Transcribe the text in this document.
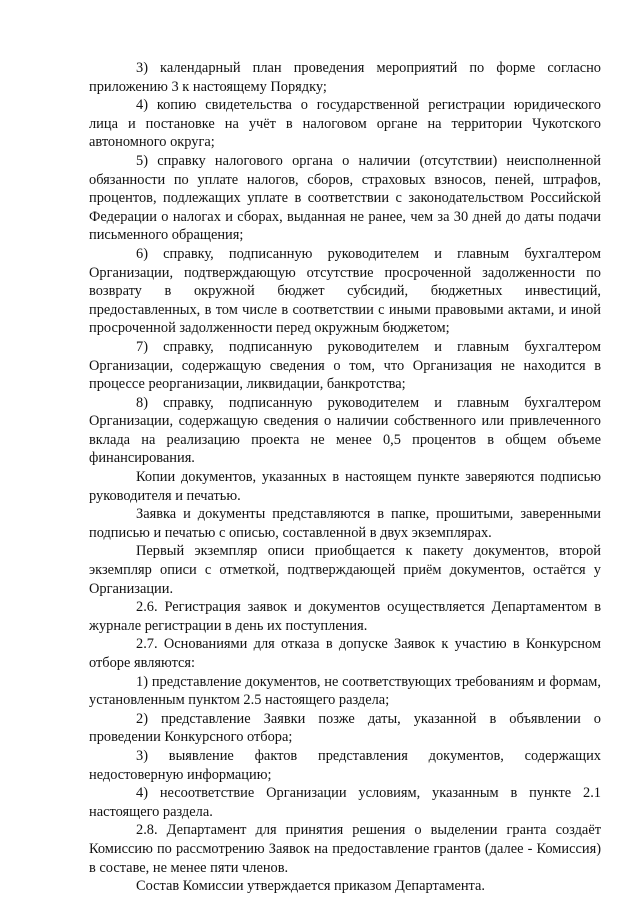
3) календарный план проведения мероприятий по форме согласно приложению 3 к настоящему Порядку;

4) копию свидетельства о государственной регистрации юридического лица и постановке на учёт в налоговом органе на территории Чукотского автономного округа;

5) справку налогового органа о наличии (отсутствии) неисполненной обязанности по уплате налогов, сборов, страховых взносов, пеней, штрафов, процентов, подлежащих уплате в соответствии с законодательством Российской Федерации о налогах и сборах, выданная не ранее, чем за 30 дней до даты подачи письменного обращения;

6) справку, подписанную руководителем и главным бухгалтером Организации, подтверждающую отсутствие просроченной задолженности по возврату в окружной бюджет субсидий, бюджетных инвестиций, предоставленных, в том числе в соответствии с иными правовыми актами, и иной просроченной задолженности перед окружным бюджетом;

7) справку, подписанную руководителем и главным бухгалтером Организации, содержащую сведения о том, что Организация не находится в процессе реорганизации, ликвидации, банкротства;

8) справку, подписанную руководителем и главным бухгалтером Организации, содержащую сведения о наличии собственного или привлеченного вклада на реализацию проекта не менее 0,5 процентов в общем объеме финансирования.

Копии документов, указанных в настоящем пункте заверяются подписью руководителя и печатью.

Заявка и документы представляются в папке, прошитыми, заверенными подписью и печатью с описью, составленной в двух экземплярах.

Первый экземпляр описи приобщается к пакету документов, второй экземпляр описи с отметкой, подтверждающей приём документов, остаётся у Организации.

2.6. Регистрация заявок и документов осуществляется Департаментом в журнале регистрации в день их поступления.

2.7. Основаниями для отказа в допуске Заявок к участию в Конкурсном отборе являются:

1) представление документов, не соответствующих требованиям и формам, установленным пунктом 2.5 настоящего раздела;

2) представление Заявки позже даты, указанной в объявлении о проведении Конкурсного отбора;

3) выявление фактов представления документов, содержащих недостоверную информацию;

4) несоответствие Организации условиям, указанным в пункте 2.1 настоящего раздела.

2.8. Департамент для принятия решения о выделении гранта создаёт Комиссию по рассмотрению Заявок на предоставление грантов (далее - Комиссия) в составе, не менее пяти членов.

Состав Комиссии утверждается приказом Департамента.
